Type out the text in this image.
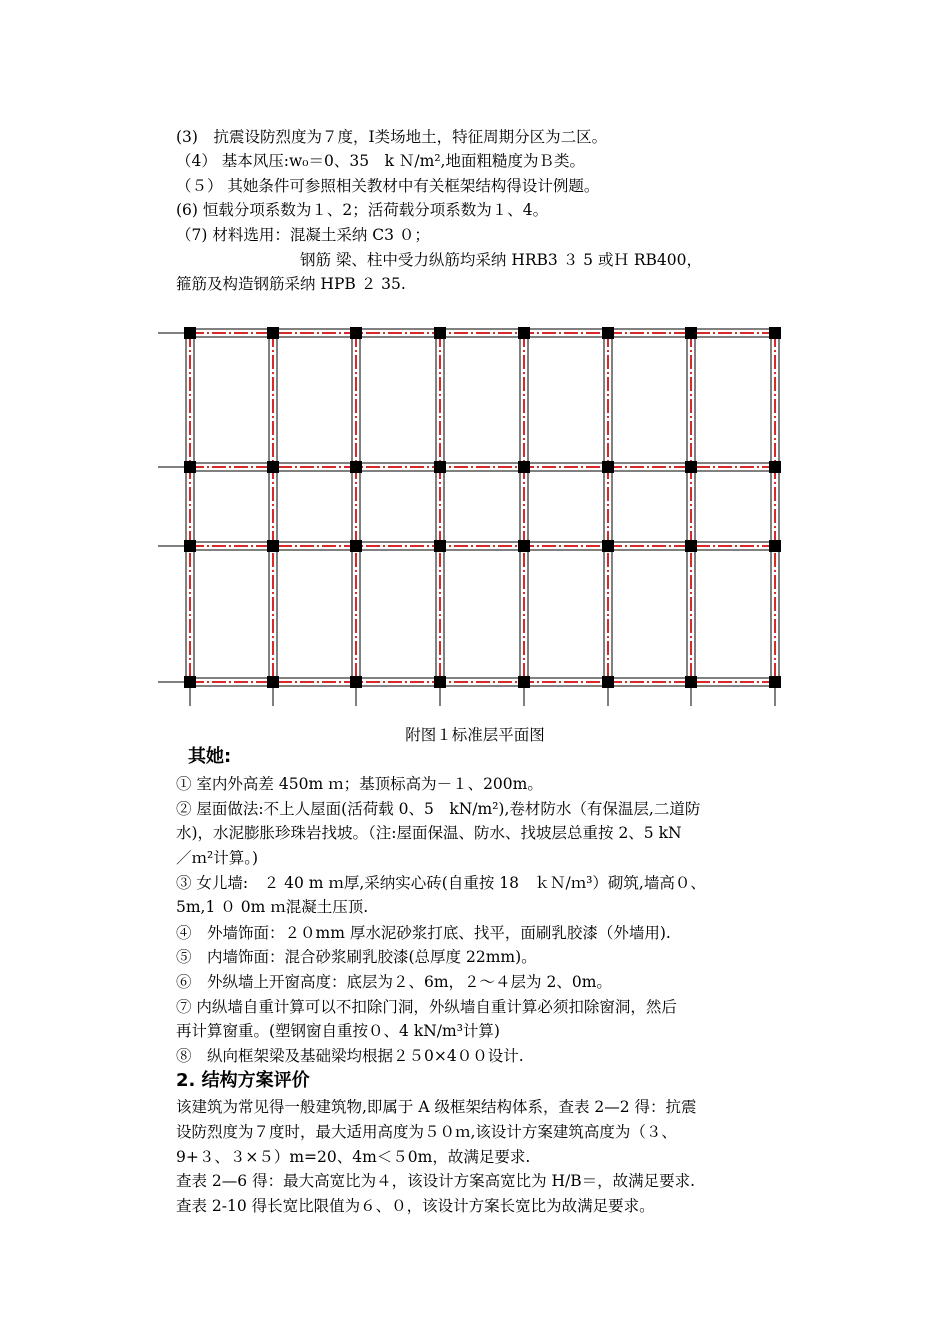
(3)　抗震设防烈度为７度，Ⅰ类场地土，特征周期分区为二区。
（4） 基本风压:w₀＝0、35　k Ｎ/m²,地面粗糙度为Ｂ类。
（５） 其她条件可参照相关教材中有关框架结构得设计例题。
(6) 恒载分项系数为１、2；活荷载分项系数为１、4。
（7) 材料选用：混凝土采纳 C3 ０；
　　　　　　　　钢筋 梁、柱中受力纵筋均采纳 HRB3 ３ 5 或Ｈ RB400，
箍筋及构造钢筋采纳 HPB ２ 35.
附图１标准层平面图
其她:
① 室内外高差 450m ｍ；基顶标高为－１、200m。
② 屋面做法:不上人屋面(活荷载 0、5　kN/m²),卷材防水（有保温层,二道防
水)，水泥膨胀珍珠岩找坡。（注:屋面保温、防水、找坡层总重按 2、5 kN
／ｍ²计算。)
③ 女儿墙:　２ 40 m ｍ厚,采纳实心砖(自重按 18　ｋＮ/ｍ³）砌筑,墙高０、
5m,1 ０ 0m ｍ混凝土压顶.
④　外墙饰面：２０mm 厚水泥砂浆打底、找平，面刷乳胶漆（外墙用).
⑤　内墙饰面：混合砂浆刷乳胶漆(总厚度 22mm)。
⑥　外纵墙上开窗高度：底层为２、6m，２～４层为 2、0m。
⑦ 内纵墙自重计算可以不扣除门洞，外纵墙自重计算必须扣除窗洞，然后
再计算窗重。(塑钢窗自重按０、4 kN/m³计算)
⑧　纵向框架梁及基础梁均根据２５0×4００设计.
2. 结构方案评价
该建筑为常见得一般建筑物,即属于 A 级框架结构体系，查表 2—2 得：抗震
设防烈度为７度时，最大适用高度为５０ｍ,该设计方案建筑高度为（３、
9+３、３×５）m=20、4m＜５0m，故满足要求.
查表 2—6 得：最大高宽比为４，该设计方案高宽比为 H/B＝，故满足要求.
查表 2-10 得长宽比限值为６、０，该设计方案长宽比为故满足要求。
